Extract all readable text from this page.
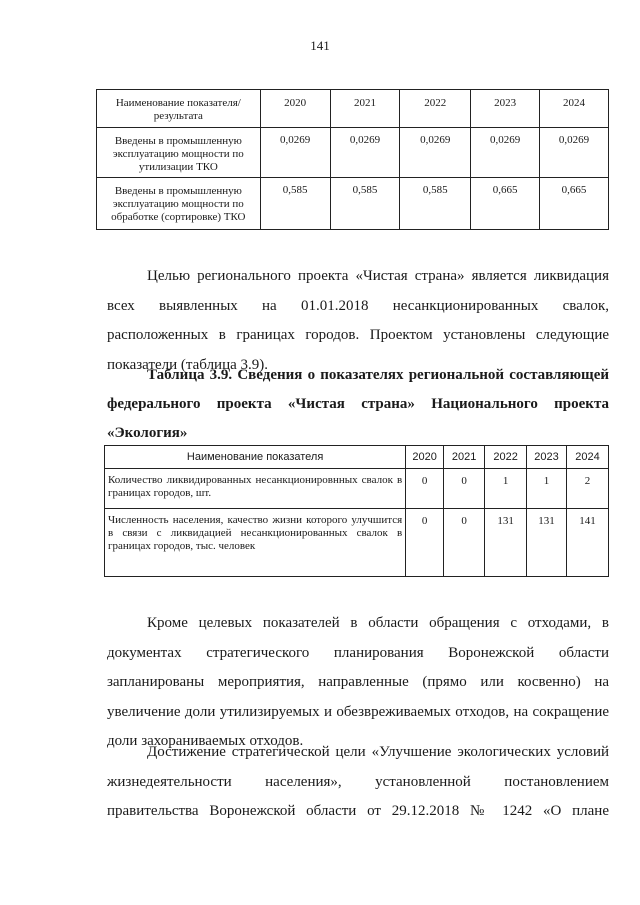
141
Наименование показателя/результата	2020	2021	2022	2023	2024
Введены в промышленную эксплуатацию мощности по утилизации ТКО	0,0269	0,0269	0,0269	0,0269	0,0269
Введены в промышленную эксплуатацию мощности по обработке (сортировке) ТКО	0,585	0,585	0,585	0,665	0,665
Целью регионального проекта «Чистая страна» является ликвидация всех выявленных на 01.01.2018 несанкционированных свалок, расположенных в границах городов. Проектом установлены следующие показатели (таблица 3.9).
Таблица 3.9. Сведения о показателях региональной составляющей федерального проекта «Чистая страна» Национального проекта «Экология»
Наименование показателя	2020	2021	2022	2023	2024
Количество ликвидированных несанкционировнных свалок в границах городов, шт.	0	0	1	1	2
Численность населения, качество жизни которого улучшится в связи с ликвидацией несанкционированных свалок в границах городов, тыс. человек	0	0	131	131	141
Кроме целевых показателей в области обращения с отходами, в документах стратегического планирования Воронежской области запланированы мероприятия, направленные (прямо или косвенно) на увеличение доли утилизируемых и обезвреживаемых отходов, на сокращение доли захораниваемых отходов.
Достижение стратегической цели «Улучшение экологических условий жизнедеятельности населения», установленной постановлением правительства Воронежской области от 29.12.2018 № 1242 «О плане
